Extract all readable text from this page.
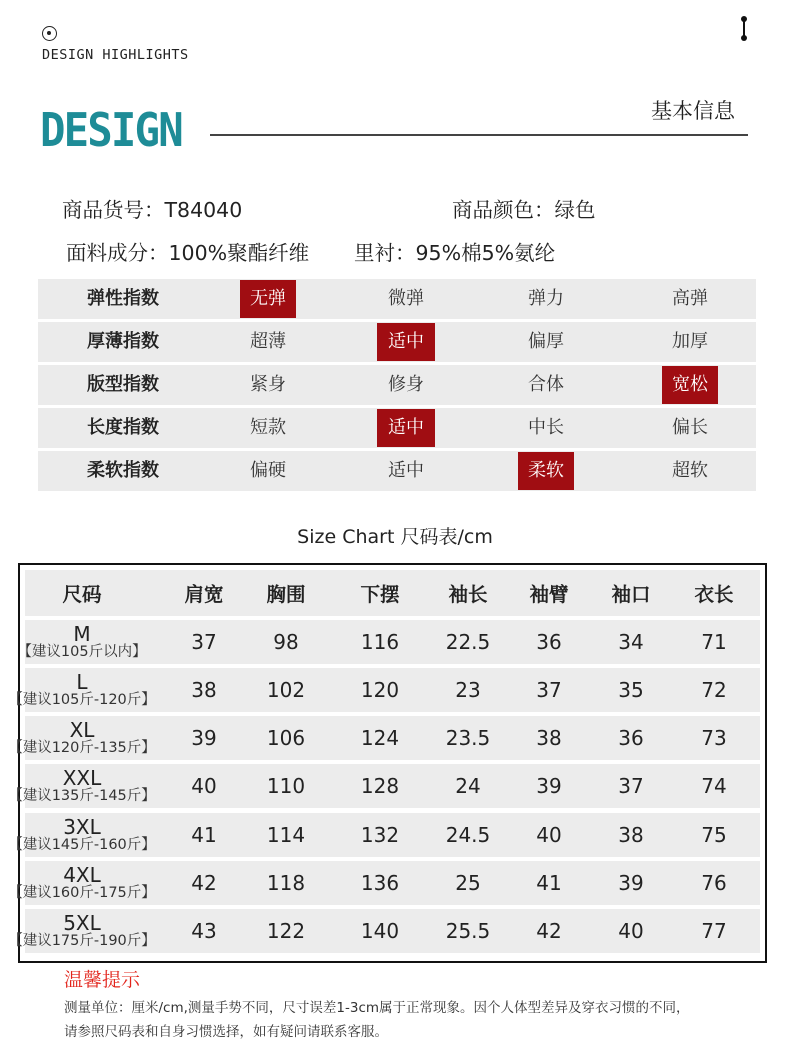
DESIGN HIGHLIGHTS
DESIGN	基本信息
商品货号：T84040	商品颜色：绿色
面料成分：100%聚酯纤维 里衬：95%棉5%氨纶
弹性指数	无弹	微弹	弹力	高弹
厚薄指数	超薄	适中	偏厚	加厚
版型指数	紧身	修身	合体	宽松
长度指数	短款	适中	中长	偏长
柔软指数	偏硬	适中	柔软	超软
Size Chart 尺码表/cm
尺码	肩宽	胸围	下摆	袖长	袖臂	袖口	衣长
M
【建议105斤以内】	37	98	116	22.5	36	34	71
L
【建议105斤-120斤】	38	102	120	23	37	35	72
XL
【建议120斤-135斤】	39	106	124	23.5	38	36	73
XXL
【建议135斤-145斤】	40	110	128	24	39	37	74
3XL
【建议145斤-160斤】	41	114	132	24.5	40	38	75
4XL
【建议160斤-175斤】	42	118	136	25	41	39	76
5XL
【建议175斤-190斤】	43	122	140	25.5	42	40	77
温馨提示
测量单位：厘米/cm,测量手势不同，尺寸误差1-3cm属于正常现象。因个人体型差异及穿衣习惯的不同，
请参照尺码表和自身习惯选择，如有疑问请联系客服。
